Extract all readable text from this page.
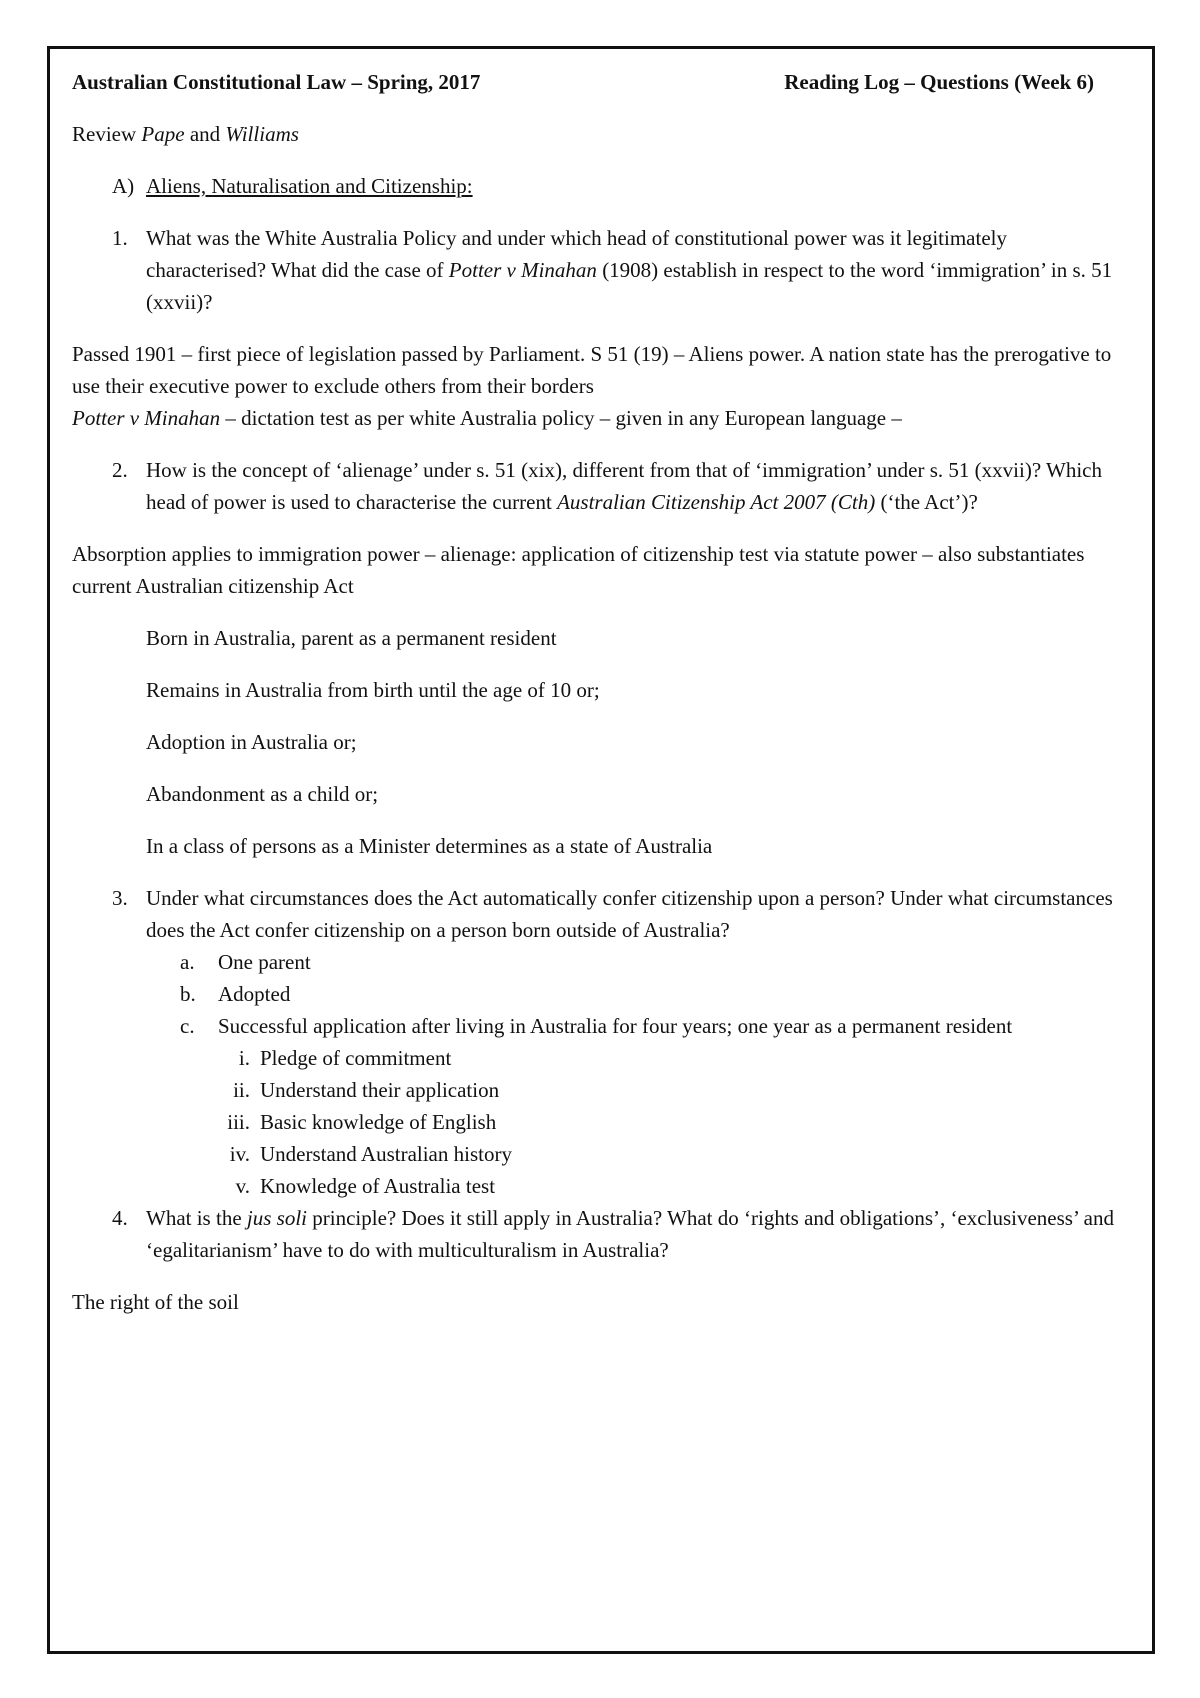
Australian Constitutional Law – Spring, 2017	Reading Log – Questions (Week 6)

Review Pape and Williams

A) Aliens, Naturalisation and Citizenship:
1. What was the White Australia Policy and under which head of constitutional power was it legitimately characterised? What did the case of Potter v Minahan (1908) establish in respect to the word ‘immigration’ in s. 51 (xxvii)?

Passed 1901 – first piece of legislation passed by Parliament. S 51 (19) – Aliens power. A nation state has the prerogative to use their executive power to exclude others from their borders

Potter v Minahan – dictation test as per white Australia policy – given in any European language –

2. How is the concept of ‘alienage’ under s. 51 (xix), different from that of ‘immigration’ under s. 51 (xxvii)? Which head of power is used to characterise the current Australian Citizenship Act 2007 (Cth) (‘the Act’)?

Absorption applies to immigration power – alienage: application of citizenship test via statute power – also substantiates current Australian citizenship Act

Born in Australia, parent as a permanent resident

Remains in Australia from birth until the age of 10 or;

Adoption in Australia or;

Abandonment as a child or;

In a class of persons as a Minister determines as a state of Australia

3. Under what circumstances does the Act automatically confer citizenship upon a person? Under what circumstances does the Act confer citizenship on a person born outside of Australia?
a.	One parent
b.	Adopted
c.	Successful application after living in Australia for four years; one year as a permanent resident
i. Pledge of commitment
ii. Understand their application
iii. Basic knowledge of English
iv. Understand Australian history
v. Knowledge of Australia test
4. What is the jus soli principle? Does it still apply in Australia? What do ‘rights and obligations’, ‘exclusiveness’ and ‘egalitarianism’ have to do with multiculturalism in Australia?

The right of the soil
